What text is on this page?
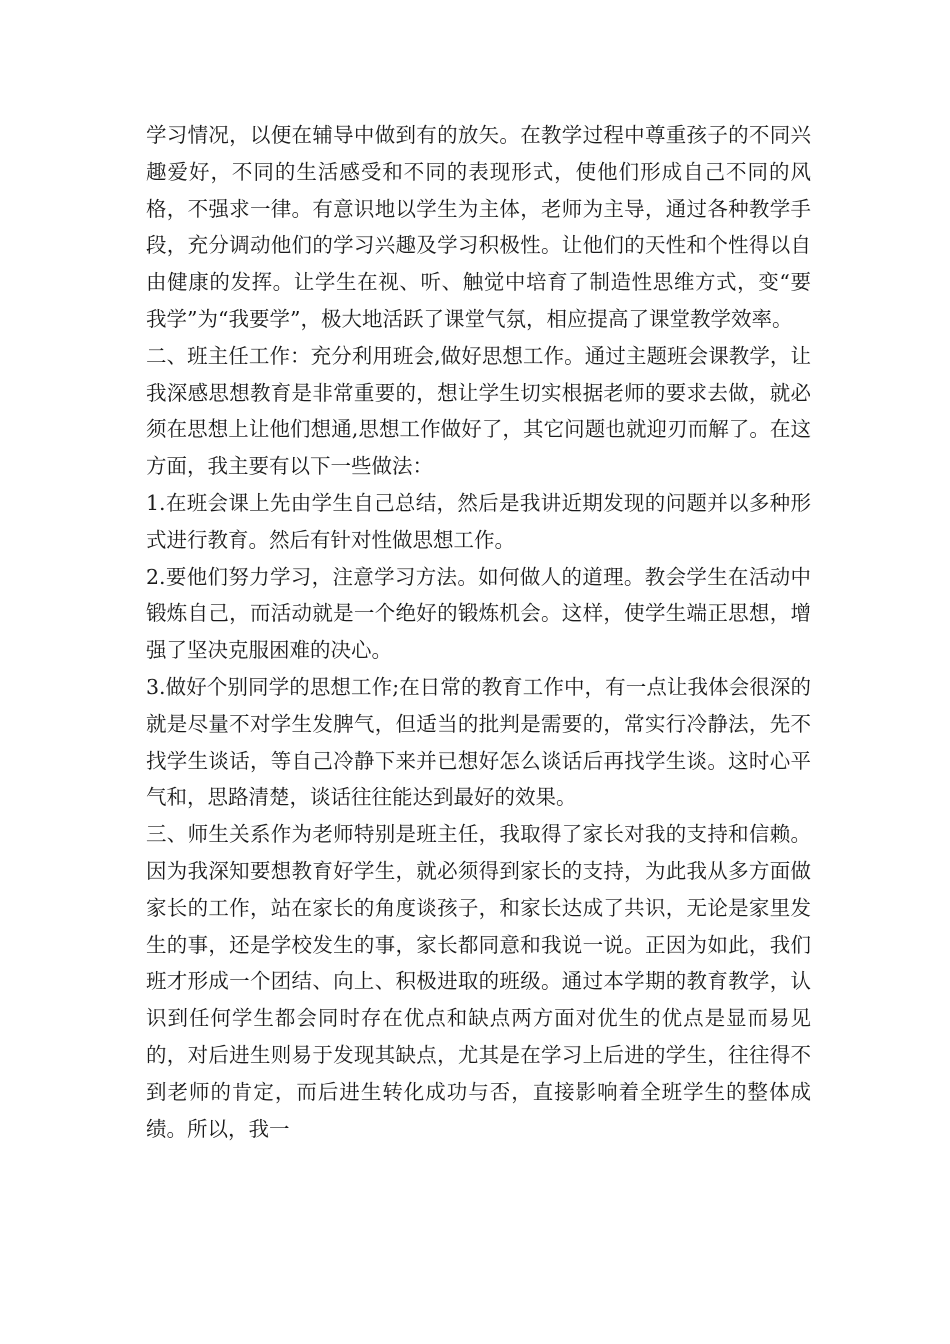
学习情况，以便在辅导中做到有的放矢。在教学过程中尊重孩子的不同兴趣爱好，不同的生活感受和不同的表现形式，使他们形成自己不同的风格，不强求一律。有意识地以学生为主体，老师为主导，通过各种教学手段，充分调动他们的学习兴趣及学习积极性。让他们的天性和个性得以自由健康的发挥。让学生在视、听、触觉中培育了制造性思维方式，变“要我学”为“我要学”，极大地活跃了课堂气氛，相应提高了课堂教学效率。

二、班主任工作：充分利用班会,做好思想工作。通过主题班会课教学，让我深感思想教育是非常重要的，想让学生切实根据老师的要求去做，就必须在思想上让他们想通,思想工作做好了，其它问题也就迎刃而解了。在这方面，我主要有以下一些做法：

1.在班会课上先由学生自己总结，然后是我讲近期发现的问题并以多种形式进行教育。然后有针对性做思想工作。

2.要他们努力学习，注意学习方法。如何做人的道理。教会学生在活动中锻炼自己，而活动就是一个绝好的锻炼机会。这样，使学生端正思想，增强了坚决克服困难的决心。

3.做好个别同学的思想工作;在日常的教育工作中，有一点让我体会很深的就是尽量不对学生发脾气，但适当的批判是需要的，常实行冷静法，先不找学生谈话，等自己冷静下来并已想好怎么谈话后再找学生谈。这时心平气和，思路清楚，谈话往往能达到最好的效果。

三、师生关系作为老师特别是班主任，我取得了家长对我的支持和信赖。因为我深知要想教育好学生，就必须得到家长的支持，为此我从多方面做家长的工作，站在家长的角度谈孩子，和家长达成了共识，无论是家里发生的事，还是学校发生的事，家长都同意和我说一说。正因为如此，我们班才形成一个团结、向上、积极进取的班级。通过本学期的教育教学，认识到任何学生都会同时存在优点和缺点两方面对优生的优点是显而易见的，对后进生则易于发现其缺点，尤其是在学习上后进的学生，往往得不到老师的肯定，而后进生转化成功与否，直接影响着全班学生的整体成绩。所以，我一
